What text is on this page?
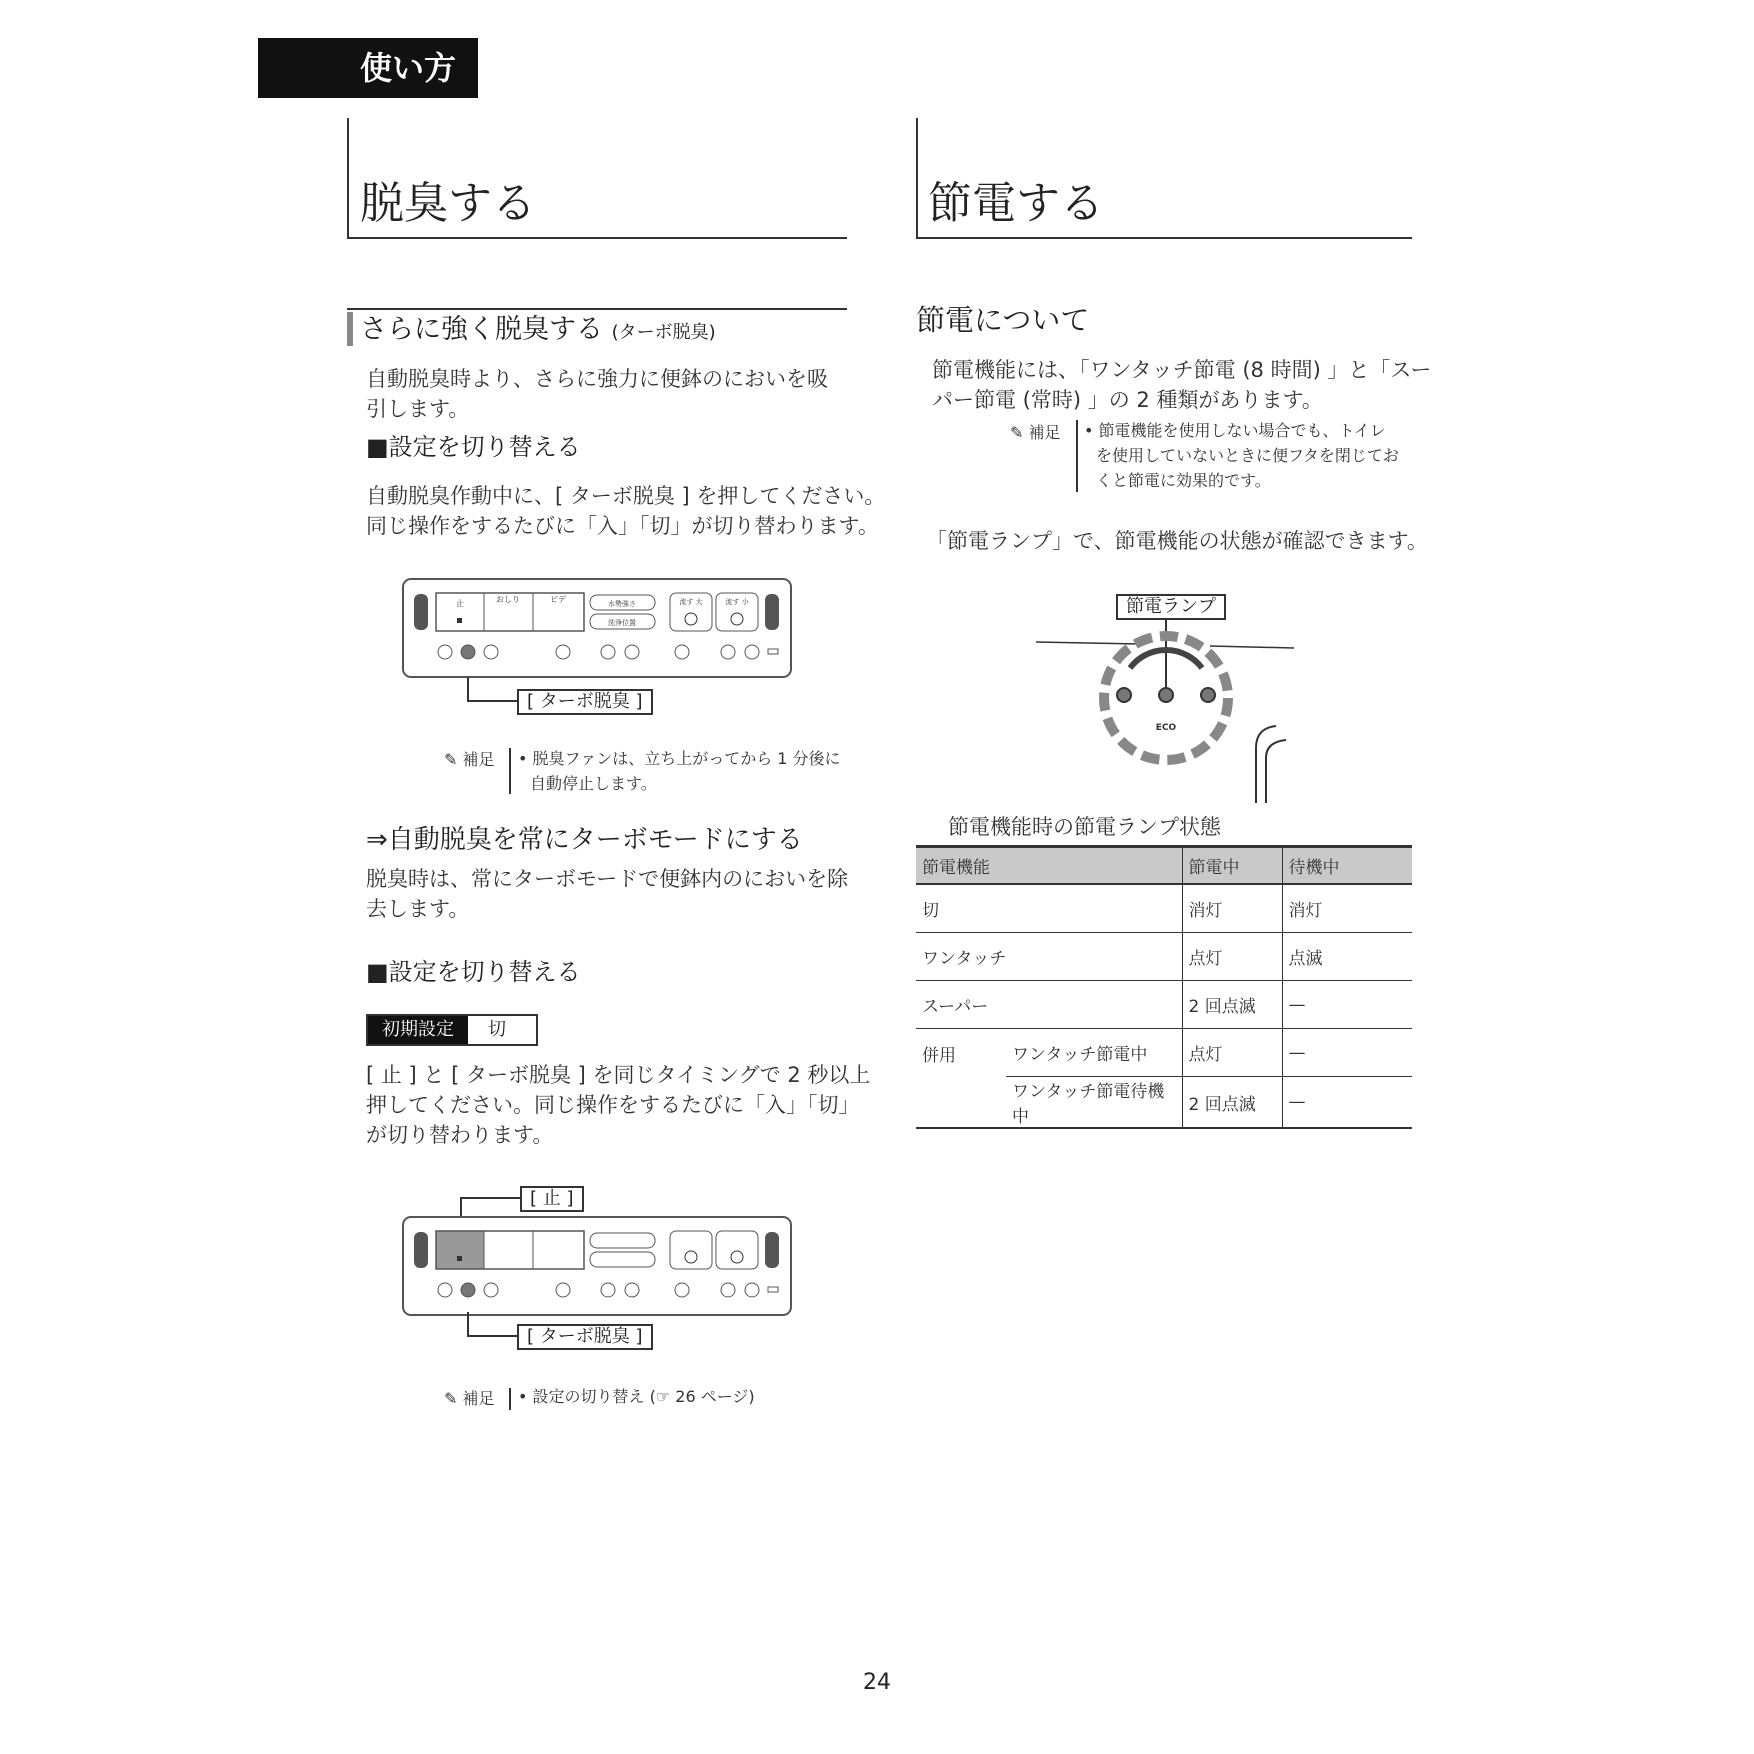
使い方
脱臭する
さらに強く脱臭する (ターボ脱臭)
自動脱臭時より、さらに強力に便鉢のにおいを吸
引します。
■設定を切り替える
自動脱臭作動中に、[ ターボ脱臭 ] を押してください。
同じ操作をするたびに「入」「切」が切り替わります。
止	おしり	ビデ	水勢強さ
洗浄位置
流す 大	流す 小
[ ターボ脱臭 ]
✎ 補足 • 脱臭ファンは、立ち上がってから 1 分後に
自動停止します。
⇒自動脱臭を常にターボモードにする
脱臭時は、常にターボモードで便鉢内のにおいを除
去します。
■設定を切り替える
初期設定	切
[ 止 ] と [ ターボ脱臭 ] を同じタイミングで 2 秒以上
押してください。同じ操作をするたびに「入」「切」
が切り替わります。
[ 止 ]
[ ターボ脱臭 ]
✎ 補足 • 設定の切り替え (☞ 26 ページ)
節電する
節電について
節電機能には、「ワンタッチ節電 (8 時間) 」と「スー
パー節電 (常時) 」の 2 種類があります。
✎ 補足 • 節電機能を使用しない場合でも、トイレ
を使用していないときに便フタを閉じてお
くと節電に効果的です。
「節電ランプ」で、節電機能の状態が確認できます。
節電ランプ
ECO
節電機能時の節電ランプ状態
節電機能		節電中	待機中
切		消灯	消灯
ワンタッチ		点灯	点滅
スーパー		2 回点滅	—
併用	ワンタッチ節電中	点灯	—
	ワンタッチ節電待機中	2 回点滅	—
24
